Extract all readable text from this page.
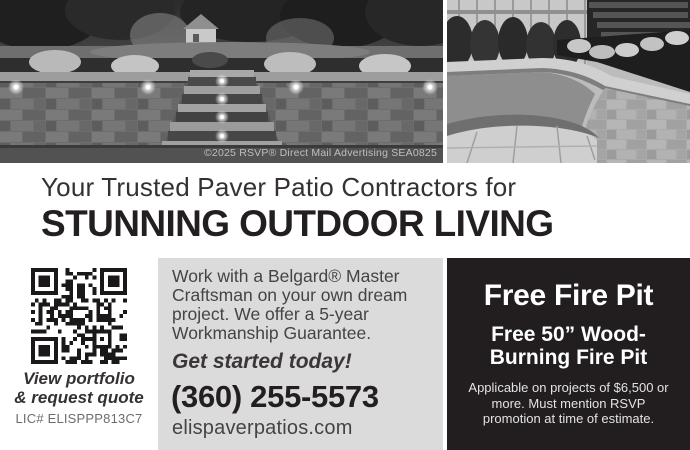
©2025 RSVP® Direct Mail Advertising SEA0825
Your Trusted Paver Patio Contractors for
STUNNING OUTDOOR LIVING
View portfolio
& request quote
LIC# ELISPPP813C7
Work with a Belgard® Master Craftsman on your own dream project. We offer a 5-year Workmanship Guarantee.
Get started today!
(360) 255-5573
elispaverpatios.com
Free Fire Pit
Free 50” Wood-Burning Fire Pit
Applicable on projects of $6,500 or more. Must mention RSVP promotion at time of estimate.
